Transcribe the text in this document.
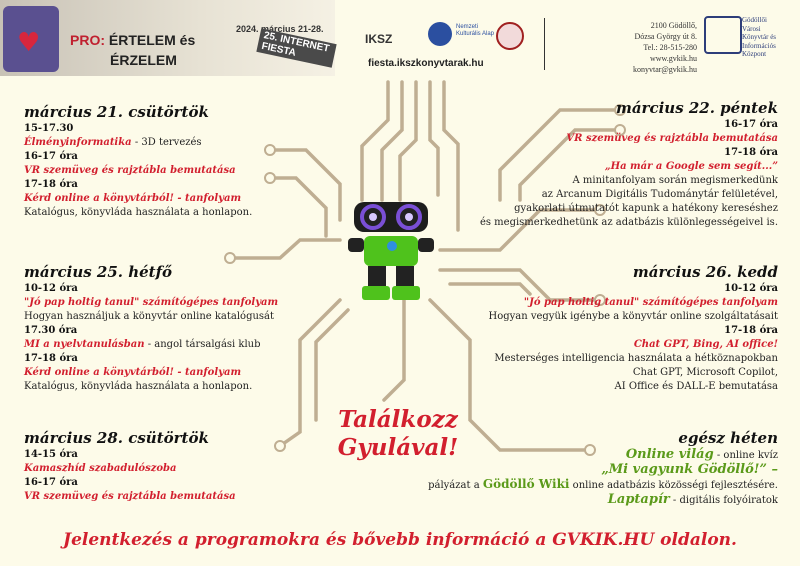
♥ PRO: ÉRTELEM és
ÉRZELEM
2024. március 21-28.
25. INTERNET FIESTA
IKSZ
Nemzeti Kulturális Alap
fiesta.ikszkonyvtarak.hu
2100 Gödöllő,
Dózsa György út 8.
Tel.: 28-515-280
www.gvkik.hu
konyvtar@gvkik.hu
Gödöllői
Városi
Könyvtár és
Információs
Központ
március 21. csütörtök
15-17.30
Élményinformatika - 3D tervezés
16-17 óra
VR szemüveg és rajztábla bemutatása
17-18 óra
Kérd online a könyvtárból! - tanfolyam
Katalógus, könyvláda használata a honlapon.
március 25. hétfő
10-12 óra
"Jó pap holtig tanul" számítógépes tanfolyam
Hogyan használjuk a könyvtár online katalógusát
17.30 óra
MI a nyelvtanulásban - angol társalgási klub
17-18 óra
Kérd online a könyvtárból! - tanfolyam
Katalógus, könyvláda használata a honlapon.
március 28. csütörtök
14-15 óra
Kamaszhíd szabadulószoba
16-17 óra
VR szemüveg és rajztábla bemutatása
március 22. péntek
16-17 óra
VR szemüveg és rajztábla bemutatása
17-18 óra
„Ha már a Google sem segít...”
A minitanfolyam során megismerkedünk
az Arcanum Digitális Tudománytár felületével,
gyakorlati útmutatót kapunk a hatékony kereséshez
és megismerkedhetünk az adatbázis különlegességeivel is.
március 26. kedd
10-12 óra
"Jó pap holtig tanul" számítógépes tanfolyam
Hogyan vegyük igénybe a könyvtár online szolgáltatásait
17-18 óra
Chat GPT, Bing, AI office!
Mesterséges intelligencia használata a hétköznapokban
Chat GPT, Microsoft Copilot,
AI Office és DALL-E bemutatása
egész héten
Online világ - online kvíz
„Mi vagyunk Gödöllő!” –
pályázat a Gödöllő Wiki online adatbázis közösségi fejlesztésére.
Laptapír - digitális folyóiratok
Találkozz
Gyulával!
Jelentkezés a programokra és bővebb információ a GVKIK.HU oldalon.
